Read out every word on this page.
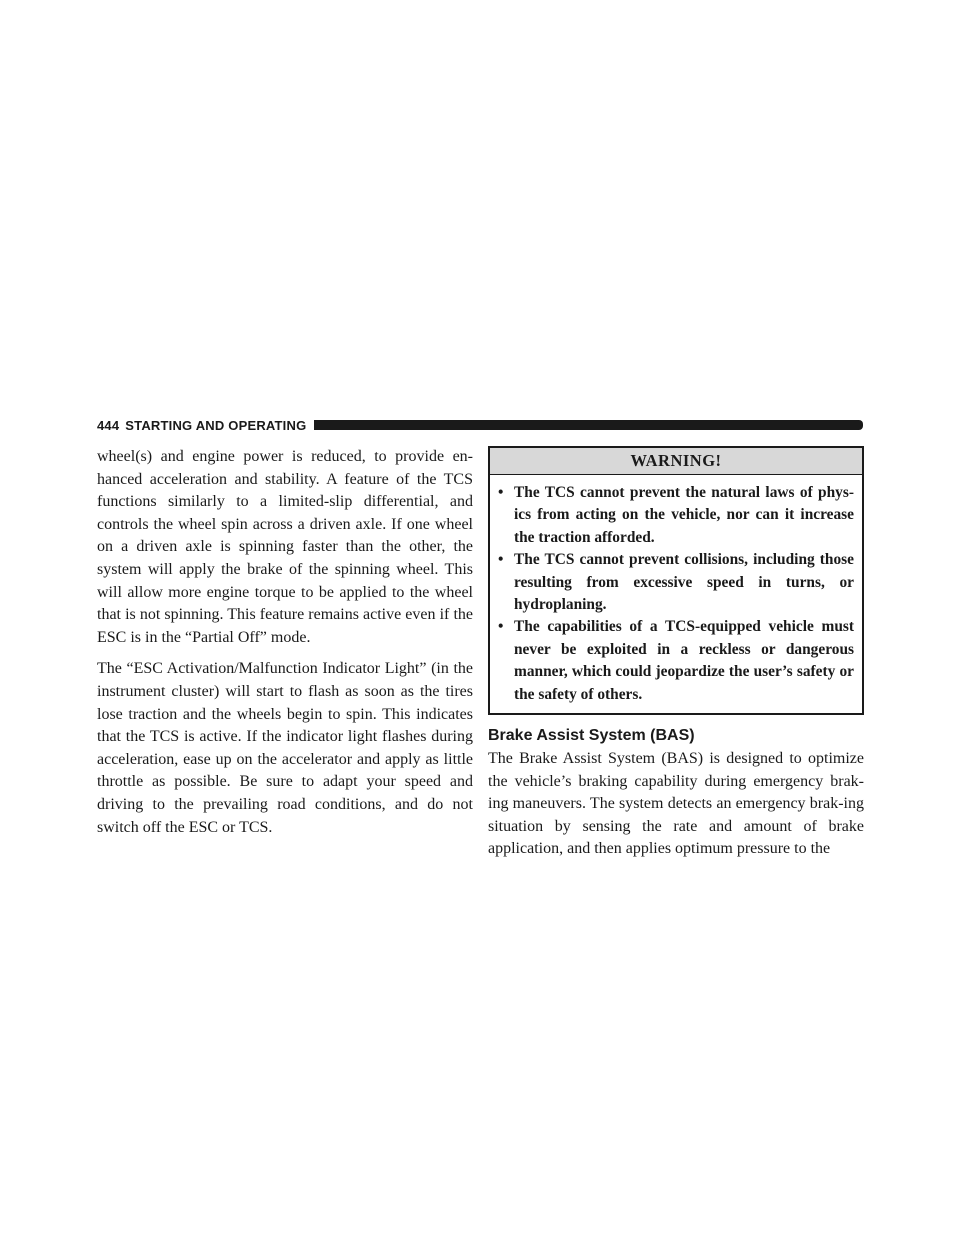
444 STARTING AND OPERATING

wheel(s) and engine power is reduced, to provide en-hanced acceleration and stability. A feature of the TCS functions similarly to a limited-slip differential, and controls the wheel spin across a driven axle. If one wheel on a driven axle is spinning faster than the other, the system will apply the brake of the spinning wheel. This will allow more engine torque to be applied to the wheel that is not spinning. This feature remains active even if the ESC is in the “Partial Off” mode.

The “ESC Activation/Malfunction Indicator Light” (in the instrument cluster) will start to flash as soon as the tires lose traction and the wheels begin to spin. This indicates that the TCS is active. If the indicator light flashes during acceleration, ease up on the accelerator and apply as little throttle as possible. Be sure to adapt your speed and driving to the prevailing road conditions, and do not switch off the ESC or TCS.

WARNING!
• The TCS cannot prevent the natural laws of phys-ics from acting on the vehicle, nor can it increase the traction afforded.
• The TCS cannot prevent collisions, including those resulting from excessive speed in turns, or hydroplaning.
• The capabilities of a TCS-equipped vehicle must never be exploited in a reckless or dangerous manner, which could jeopardize the user’s safety or the safety of others.
Brake Assist System (BAS)

The Brake Assist System (BAS) is designed to optimize the vehicle’s braking capability during emergency brak-ing maneuvers. The system detects an emergency brak-ing situation by sensing the rate and amount of brake application, and then applies optimum pressure to the
